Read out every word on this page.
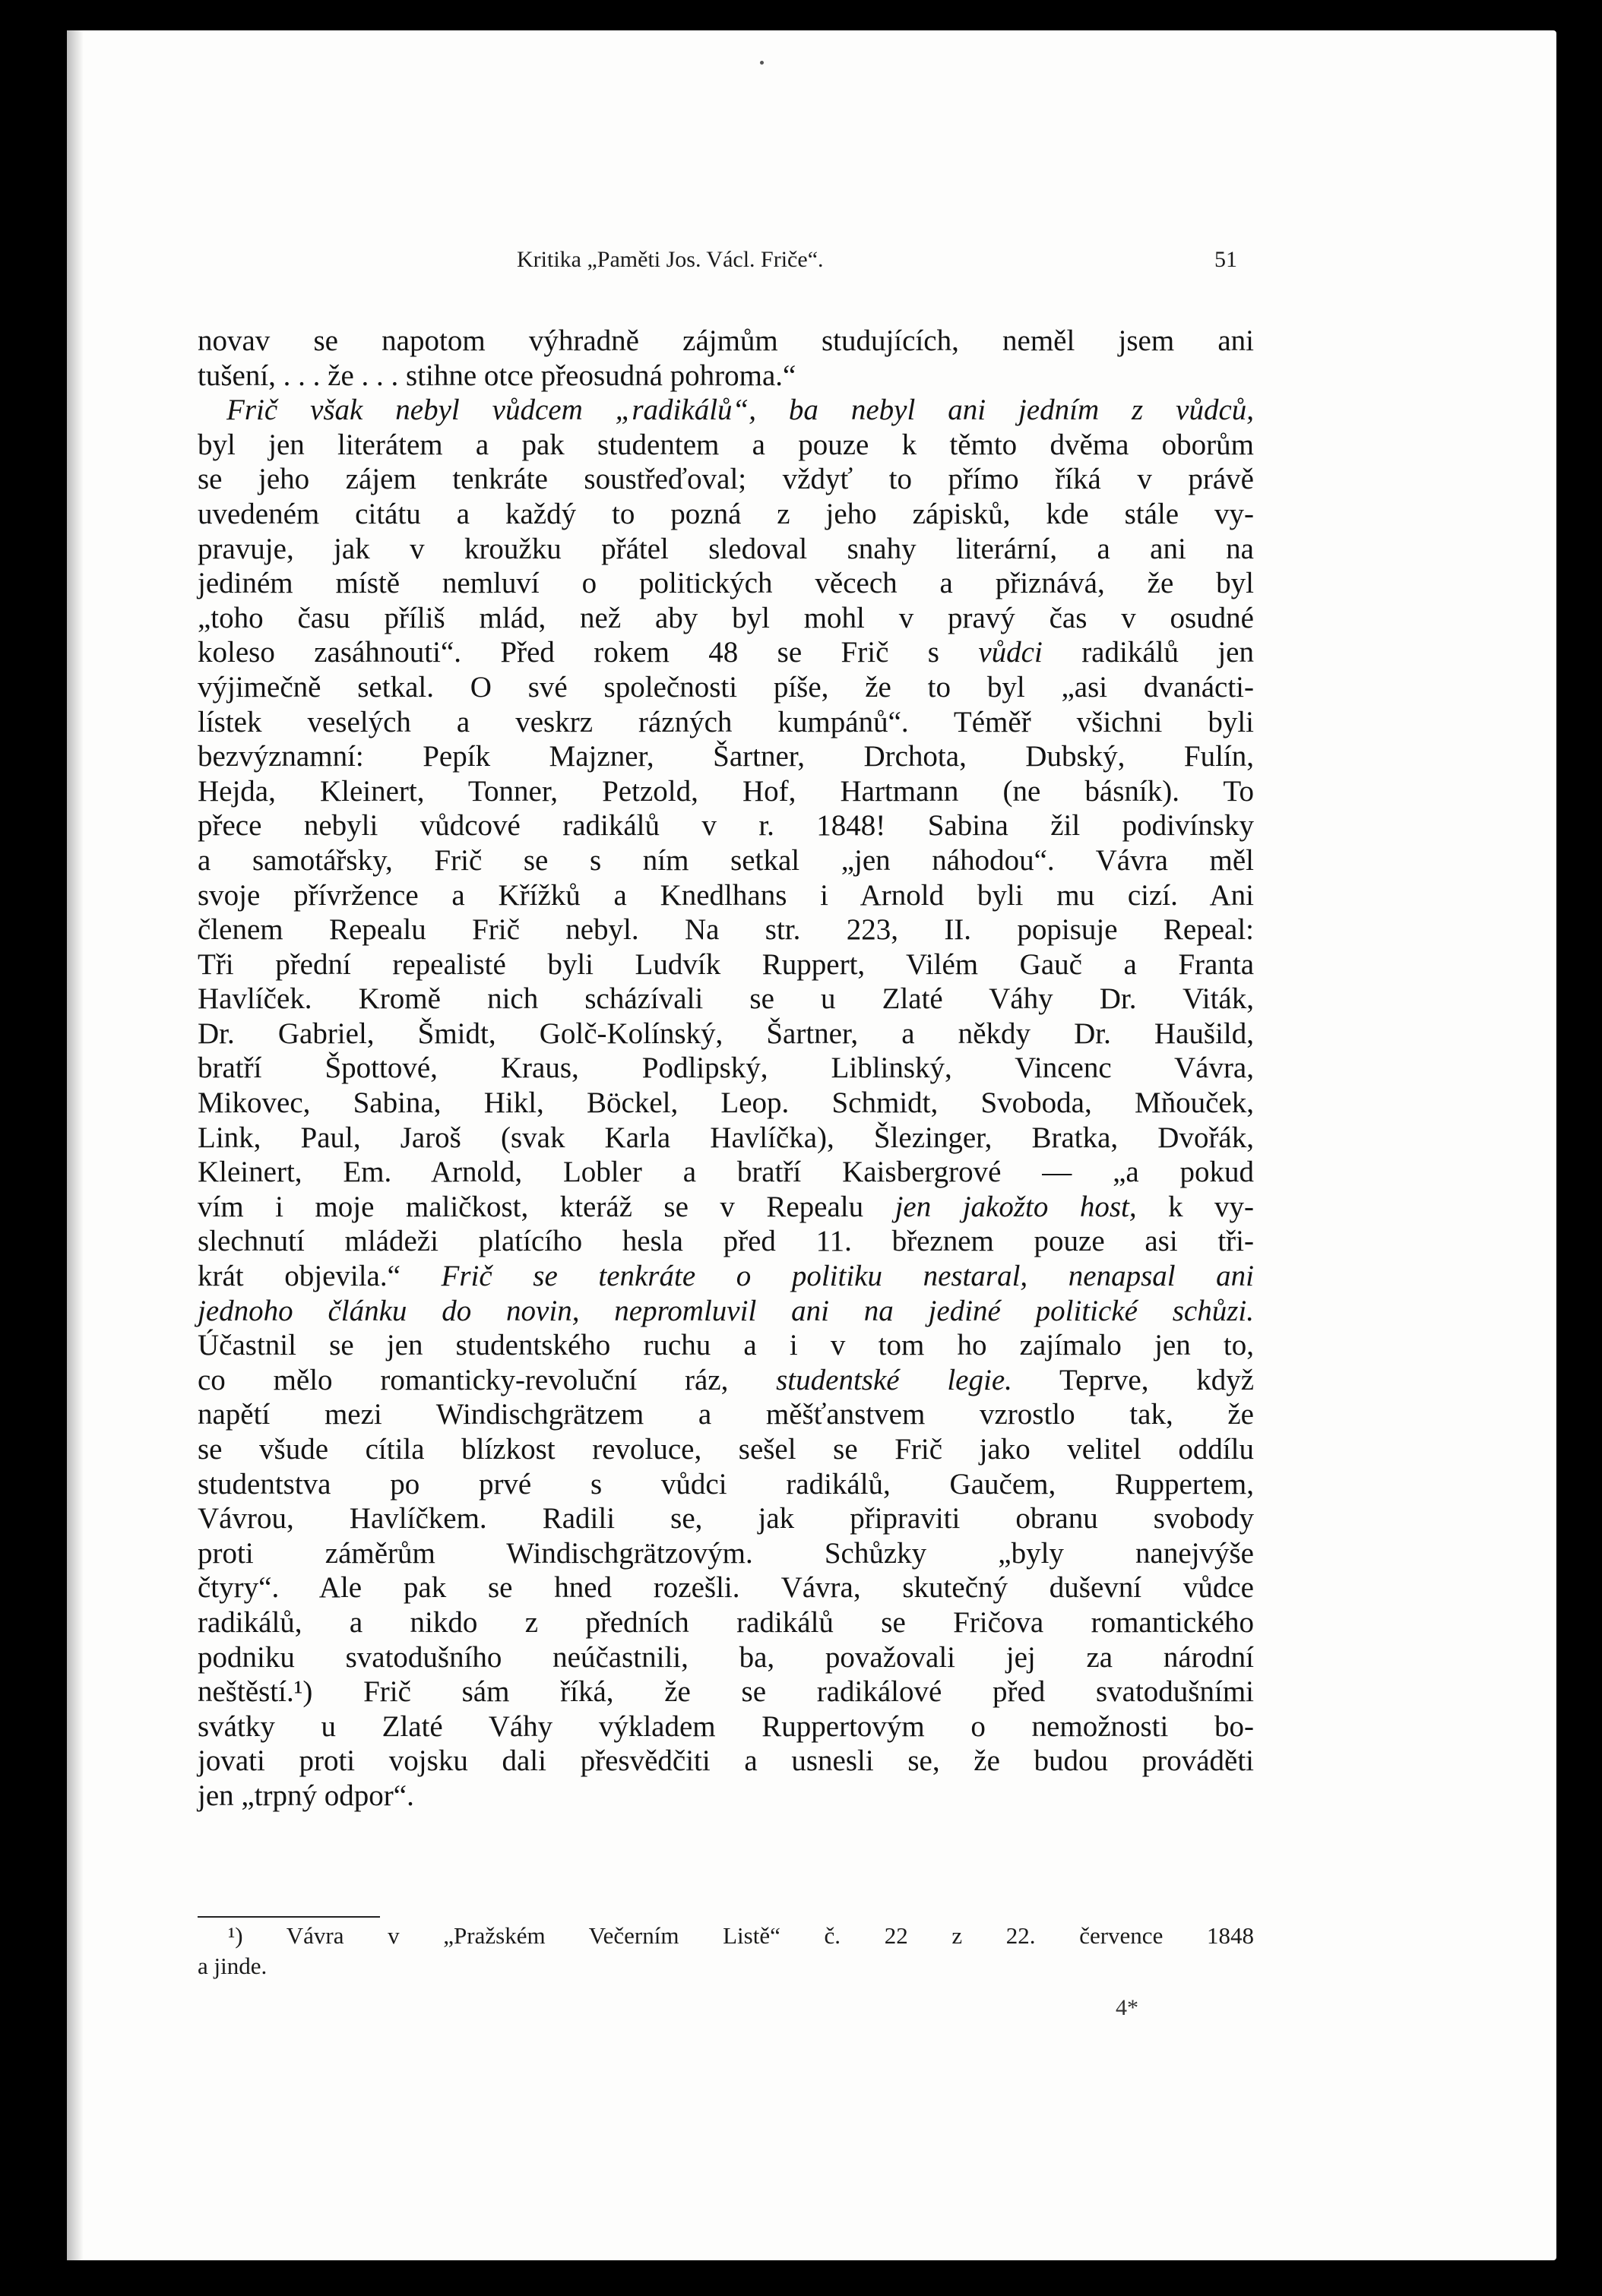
Kritika „Paměti Jos. Václ. Friče“.	51
novav se napotom výhradně zájmům studujících, neměl jsem ani
tušení, . . . že . . . stihne otce přeosudná pohroma.“
Frič však nebyl vůdcem „radikálů“, ba nebyl ani jedním z vůdců,
byl jen literátem a pak studentem a pouze k těmto dvěma oborům
se jeho zájem tenkráte soustřeďoval; vždyť to přímo říká v právě
uvedeném citátu a každý to pozná z jeho zápisků, kde stále vy-
pravuje, jak v kroužku přátel sledoval snahy literární, a ani na
jediném místě nemluví o politických věcech a přiznává, že byl
„toho času příliš mlád, než aby byl mohl v pravý čas v osudné
koleso zasáhnouti“. Před rokem 48 se Frič s vůdci radikálů jen
výjimečně setkal. O své společnosti píše, že to byl „asi dvanácti-
lístek veselých a veskrz rázných kumpánů“. Téměř všichni byli
bezvýznamní: Pepík Majzner, Šartner, Drchota, Dubský, Fulín,
Hejda, Kleinert, Tonner, Petzold, Hof, Hartmann (ne básník). To
přece nebyli vůdcové radikálů v r. 1848! Sabina žil podivínsky
a samotářsky, Frič se s ním setkal „jen náhodou“. Vávra měl
svoje přívržence a Křížků a Knedlhans i Arnold byli mu cizí. Ani
členem Repealu Frič nebyl. Na str. 223, II. popisuje Repeal:
Tři přední repealisté byli Ludvík Ruppert, Vilém Gauč a Franta
Havlíček. Kromě nich scházívali se u Zlaté Váhy Dr. Viták,
Dr. Gabriel, Šmidt, Golč-Kolínský, Šartner, a někdy Dr. Haušild,
bratří Špottové, Kraus, Podlipský, Liblinský, Vincenc Vávra,
Mikovec, Sabina, Hikl, Böckel, Leop. Schmidt, Svoboda, Mňouček,
Link, Paul, Jaroš (svak Karla Havlíčka), Šlezinger, Bratka, Dvořák,
Kleinert, Em. Arnold, Lobler a bratří Kaisbergrové — „a pokud
vím i moje maličkost, kteráž se v Repealu jen jakožto host, k vy-
slechnutí mládeži platícího hesla před 11. březnem pouze asi tři-
krát objevila.“ Frič se tenkráte o politiku nestaral, nenapsal ani
jednoho článku do novin, nepromluvil ani na jediné politické schůzi.
Účastnil se jen studentského ruchu a i v tom ho zajímalo jen to,
co mělo romanticky-revoluční ráz, studentské legie. Teprve, když
napětí mezi Windischgrätzem a měšťanstvem vzrostlo tak, že
se všude cítila blízkost revoluce, sešel se Frič jako velitel oddílu
studentstva po prvé s vůdci radikálů, Gaučem, Ruppertem,
Vávrou, Havlíčkem. Radili se, jak připraviti obranu svobody
proti záměrům Windischgrätzovým. Schůzky „byly nanejvýše
čtyry“. Ale pak se hned rozešli. Vávra, skutečný duševní vůdce
radikálů, a nikdo z předních radikálů se Fričova romantického
podniku svatodušního neúčastnili, ba, považovali jej za národní
neštěstí.¹) Frič sám říká, že se radikálové před svatodušními
svátky u Zlaté Váhy výkladem Ruppertovým o nemožnosti bo-
jovati proti vojsku dali přesvědčiti a usnesli se, že budou prováděti
jen „trpný odpor“.
¹) Vávra v „Pražském Večerním Listě“ č. 22 z 22. července 1848
a jinde.
4*
